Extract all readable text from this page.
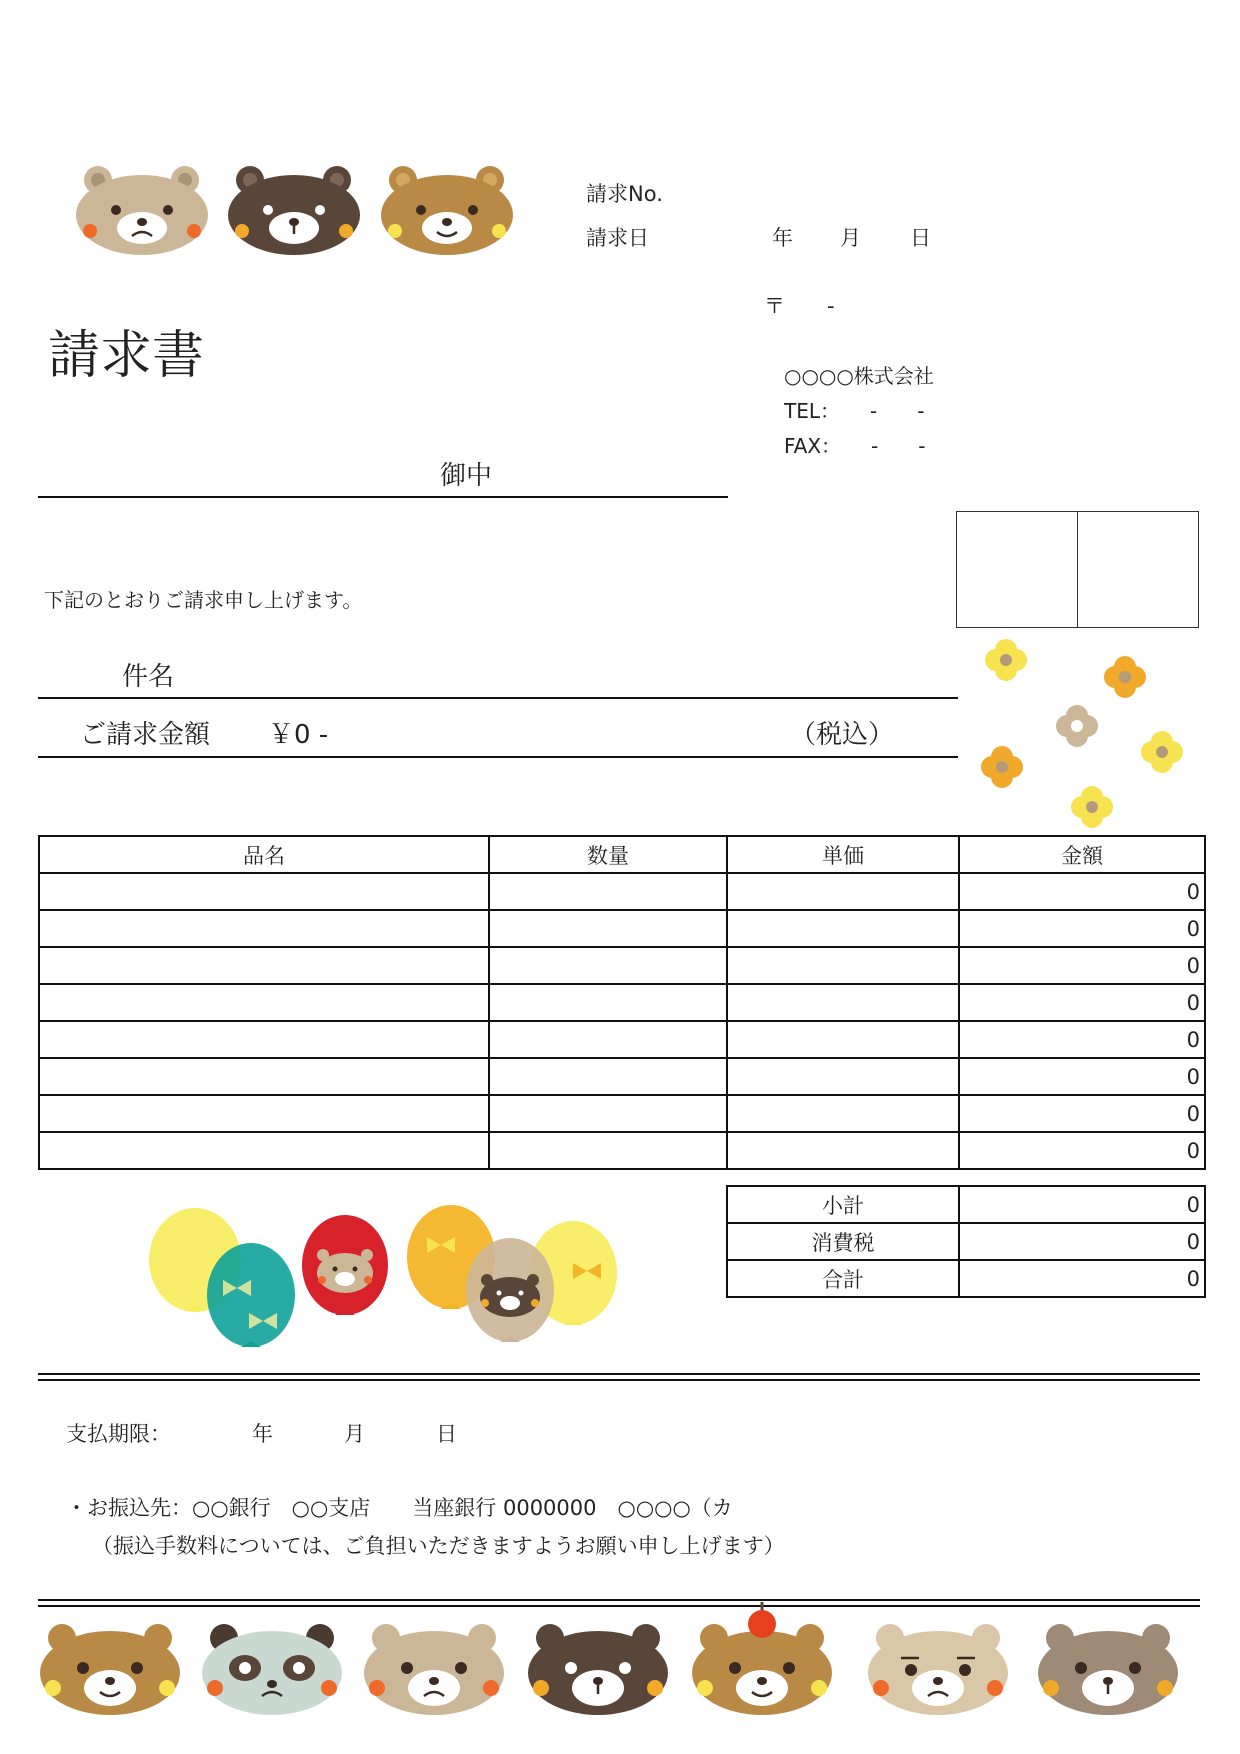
請求No.
請求日	年 月 日
請求書
〒　　-
○○○○株式会社
TEL：　　-　　-
FAX：　　-　　-
御中
下記のとおりご請求申し上げます。
件名
ご請求金額 ￥0 -	（税込）
品名	数量	単価	金額
			0
			0
			0
			0
			0
			0
			0
			0
小計	0
消費税	0
合計	0
支払期限：	年	月	日
・お振込先：○○銀行　○○支店　　当座銀行 0000000　○○○○（カ
（振込手数料については、ご負担いただきますようお願い申し上げます）
